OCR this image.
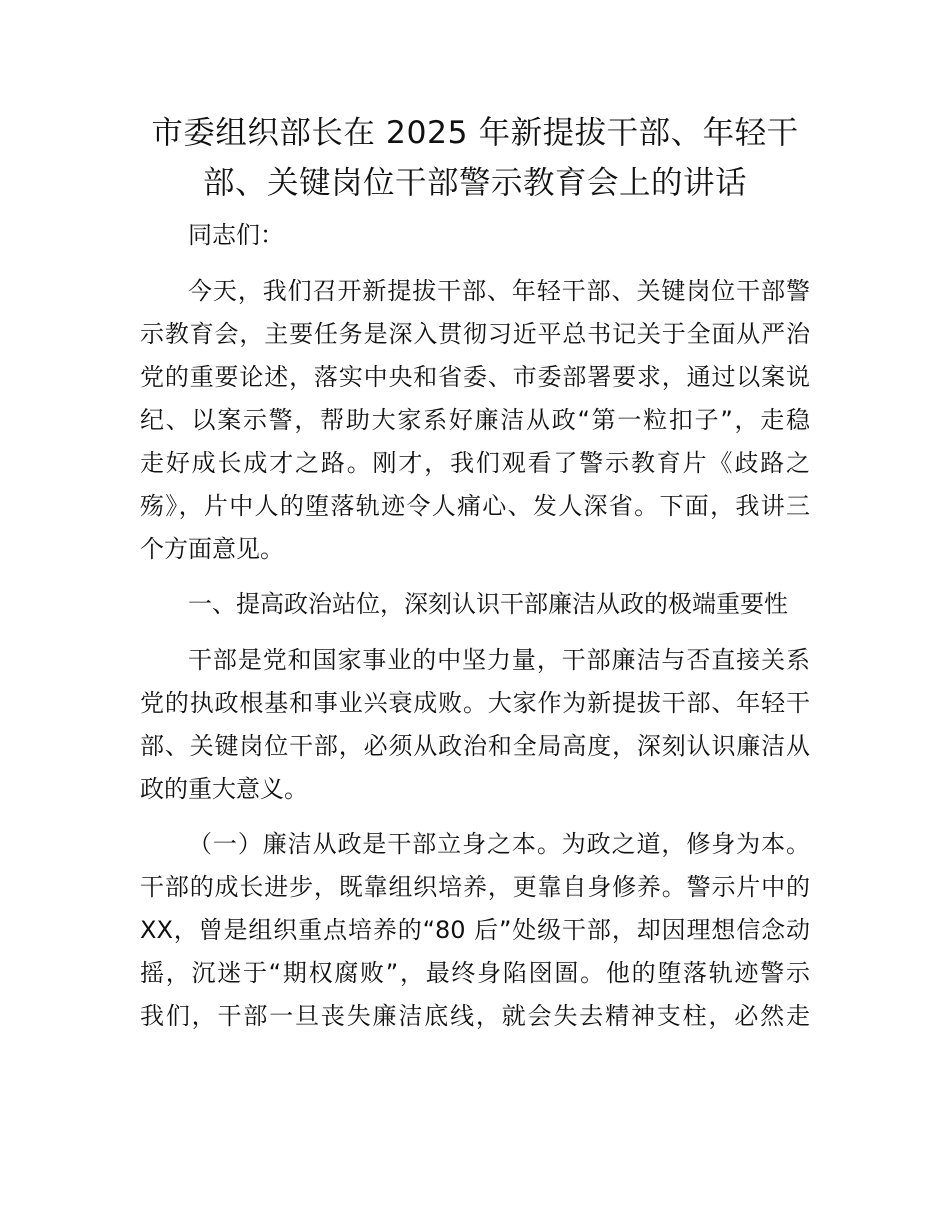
市委组织部长在 2025 年新提拔干部、年轻干
部、关键岗位干部警示教育会上的讲话
同志们：
今天，我们召开新提拔干部、年轻干部、关键岗位干部警
示教育会，主要任务是深入贯彻习近平总书记关于全面从严治
党的重要论述，落实中央和省委、市委部署要求，通过以案说
纪、以案示警，帮助大家系好廉洁从政“第一粒扣子”，走稳
走好成长成才之路。刚才，我们观看了警示教育片《歧路之
殇》，片中人的堕落轨迹令人痛心、发人深省。下面，我讲三
个方面意见。
一、提高政治站位，深刻认识干部廉洁从政的极端重要性
干部是党和国家事业的中坚力量，干部廉洁与否直接关系
党的执政根基和事业兴衰成败。大家作为新提拔干部、年轻干
部、关键岗位干部，必须从政治和全局高度，深刻认识廉洁从
政的重大意义。
（一）廉洁从政是干部立身之本。为政之道，修身为本。
干部的成长进步，既靠组织培养，更靠自身修养。警示片中的
XX，曾是组织重点培养的“80 后”处级干部，却因理想信念动
摇，沉迷于“期权腐败”，最终身陷囹圄。他的堕落轨迹警示
我们，干部一旦丧失廉洁底线，就会失去精神支柱，必然走
